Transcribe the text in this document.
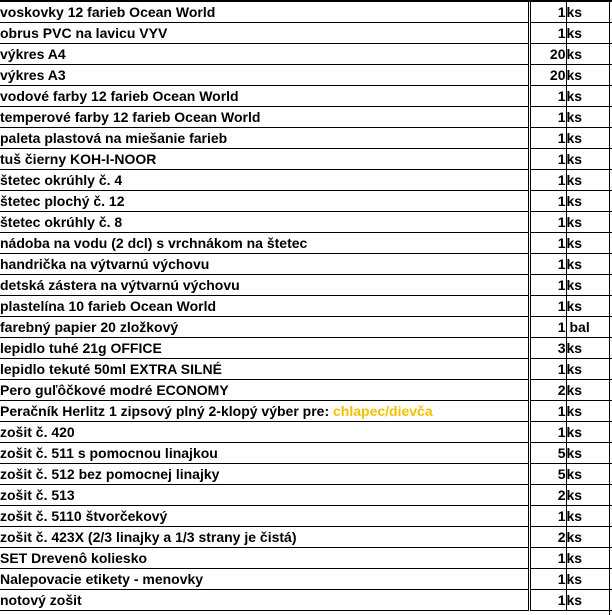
voskovky 12 farieb Ocean World	1	ks
obrus PVC na lavicu VYV	1	ks
výkres A4	20	ks
výkres A3	20	ks
vodové farby 12 farieb Ocean World	1	ks
temperové farby 12 farieb Ocean World	1	ks
paleta plastová na miešanie farieb	1	ks
tuš čierny KOH-I-NOOR	1	ks
štetec okrúhly č. 4	1	ks
štetec plochý č. 12	1	ks
štetec okrúhly č. 8	1	ks
nádoba na vodu (2 dcl) s vrchnákom na štetec	1	ks
handrička na výtvarnú výchovu	1	ks
detská zástera na výtvarnú výchovu	1	ks
plastelína 10 farieb Ocean World	1	ks
farebný papier 20 zložkový	1	bal
lepidlo tuhé 21g OFFICE	3	ks
lepidlo tekuté 50ml EXTRA SILNÉ	1	ks
Pero guľôčkové modré ECONOMY	2	ks
Peračník Herlitz 1 zipsový plný 2-klopý výber pre: chlapec/dievča	1	ks
zošit č. 420	1	ks
zošit č. 511 s pomocnou linajkou	5	ks
zošit č. 512 bez pomocnej linajky	5	ks
zošit č. 513	2	ks
zošit č. 5110 štvorčekový	1	ks
zošit č. 423X (2/3 linajky a 1/3 strany je čistá)	2	ks
SET Drevenô koliesko	1	ks
Nalepovacie etikety - menovky	1	ks
notový zošit	1	ks
